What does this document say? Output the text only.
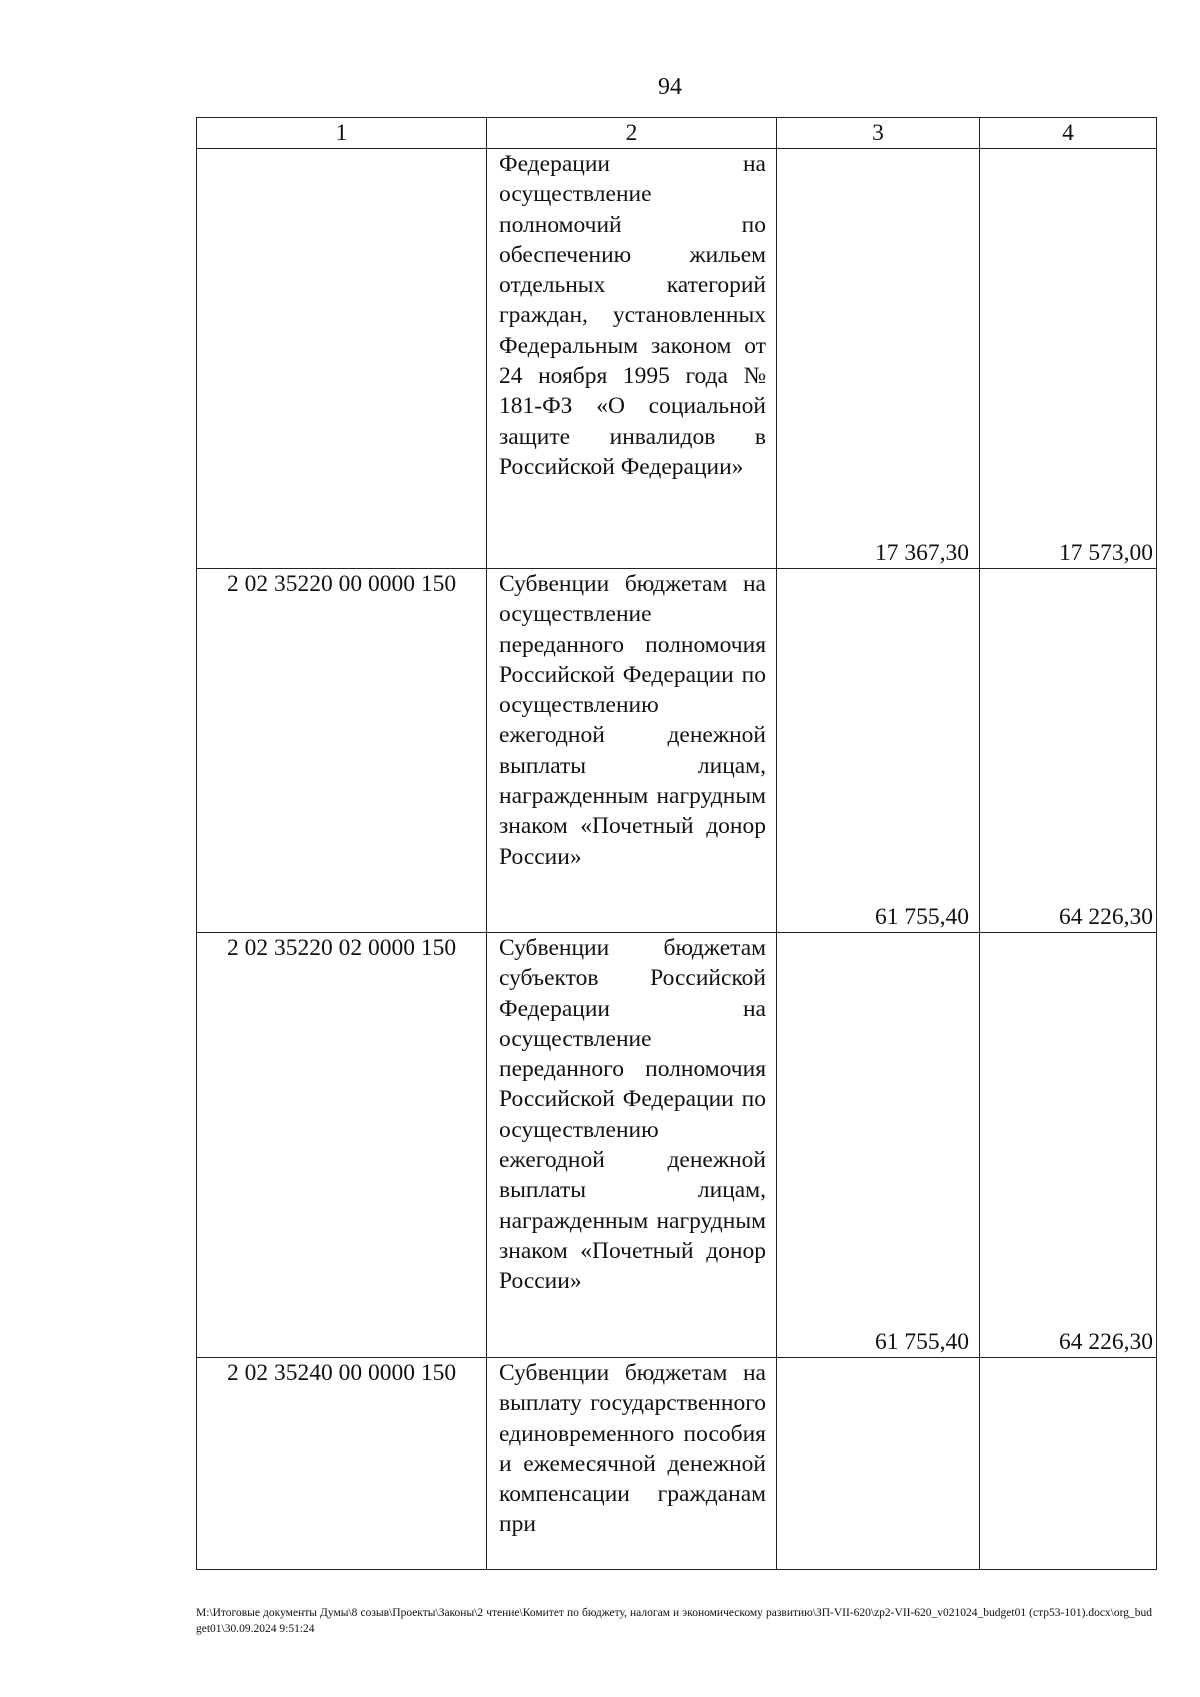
94
1	2	3	4
	Федерации на осуществление полномочий по обеспечению жильем отдельных категорий граждан, установленных Федеральным законом от 24 ноября 1995 года № 181-ФЗ «О социальной защите инвалидов в Российской Федерации»	17 367,30	17 573,00
2 02 35220 00 0000 150	Субвенции бюджетам на осуществление переданного полномочия Российской Федерации по осуществлению ежегодной денежной выплаты лицам, награжденным нагрудным знаком «Почетный донор России»	61 755,40	64 226,30
2 02 35220 02 0000 150	Субвенции бюджетам субъектов Российской Федерации на осуществление переданного полномочия Российской Федерации по осуществлению ежегодной денежной выплаты лицам, награжденным нагрудным знаком «Почетный донор России»	61 755,40	64 226,30
2 02 35240 00 0000 150	Субвенции бюджетам на выплату государственного единовременного пособия и ежемесячной денежной компенсации гражданам при		
M:\Итоговые документы Думы\8 созыв\Проекты\Законы\2 чтение\Комитет по бюджету, налогам и экономическому развитию\ЗП-VII-620\zp2-VII-620_v021024_budget01 (стр53-101).docx\org_budget01\30.09.2024 9:51:24
